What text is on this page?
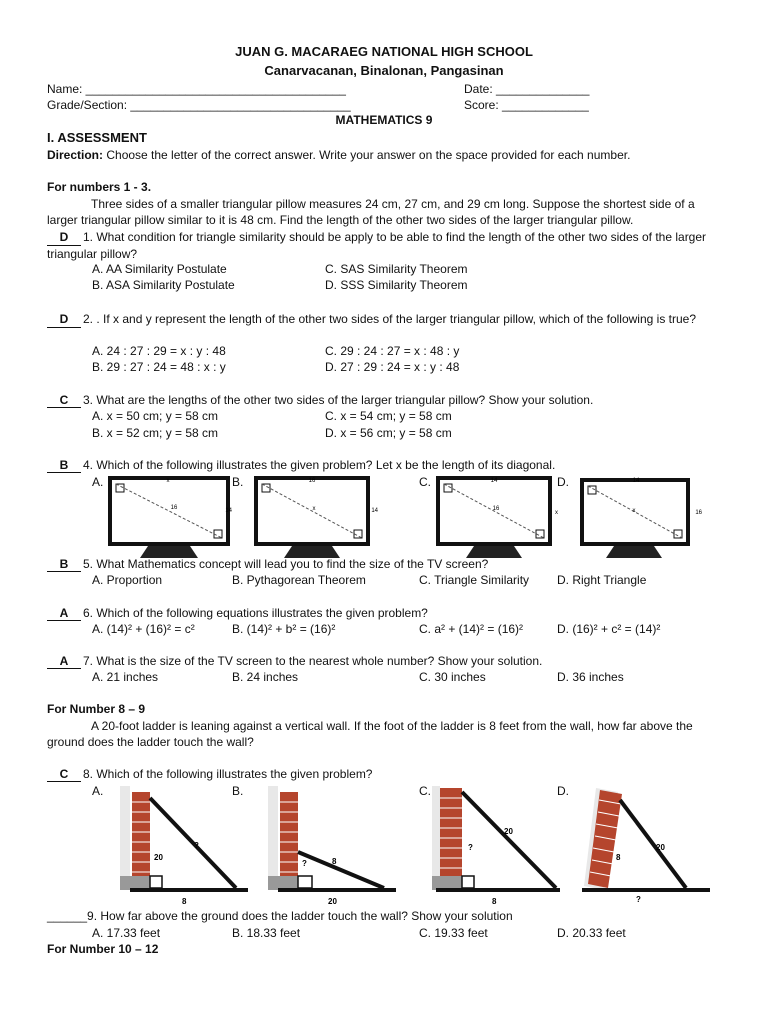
JUAN G. MACARAEG NATIONAL HIGH SCHOOL
Canarvacanan, Binalonan, Pangasinan
Name: _______________________________________	Date: ______________
Grade/Section: _________________________________	Score: _____________
MATHEMATICS 9
I. ASSESSMENT
Direction: Choose the letter of the correct answer. Write your answer on the space provided for each number.
For numbers 1 - 3.
Three sides of a smaller triangular pillow measures 24 cm, 27 cm, and 29 cm long. Suppose the shortest side of a larger triangular pillow similar to it is 48 cm. Find the length of the other two sides of the larger triangular pillow.
D 1. What condition for triangle similarity should be apply to be able to find the length of the other two sides of the larger triangular pillow?
A. AA Similarity Postulate	C. SAS Similarity Theorem
B. ASA Similarity Postulate	D. SSS Similarity Theorem
D 2. . If x and y represent the length of the other two sides of the larger triangular pillow, which of the following is true?
A. 24 : 27 : 29 = x : y : 48	C. 29 : 24 : 27 = x : 48 : y
B. 29 : 27 : 24 = 48 : x : y	D. 27 : 29 : 24 = x : y : 48
C 3. What are the lengths of the other two sides of the larger triangular pillow? Show your solution.
A. x = 50 cm; y = 58 cm	C. x = 54 cm; y = 58 cm
B. x = 52 cm; y = 58 cm	D. x = 56 cm; y = 58 cm
B 4. Which of the following illustrates the given problem? Let x be the length of its diagonal.
A.	B.	C.	D.
x
16	14
16
x	14
14
16
x
14
x	16
B 5. What Mathematics concept will lead you to find the size of the TV screen?
A. Proportion	B. Pythagorean Theorem	C. Triangle Similarity D. Right Triangle
A 6. Which of the following equations illustrates the given problem?
A. (14)² + (16)² = c²	B. (14)² + b² = (16)²	C. a² + (14)² = (16)²	D. (16)² + c² = (14)²
A 7. What is the size of the TV screen to the nearest whole number? Show your solution.
A. 21 inches	B. 24 inches	C. 30 inches	D. 36 inches
For Number 8 – 9
A 20-foot ladder is leaning against a vertical wall. If the foot of the ladder is 8 feet from the wall, how far above the ground does the ladder touch the wall?
C 8. Which of the following illustrates the given problem?
A.	B.	C.	D.
20
?
8
?	8
20
?
20
8
8
20
?
______9. How far above the ground does the ladder touch the wall? Show your solution
A. 17.33 feet	B. 18.33 feet	C. 19.33 feet	D. 20.33 feet
For Number 10 – 12
